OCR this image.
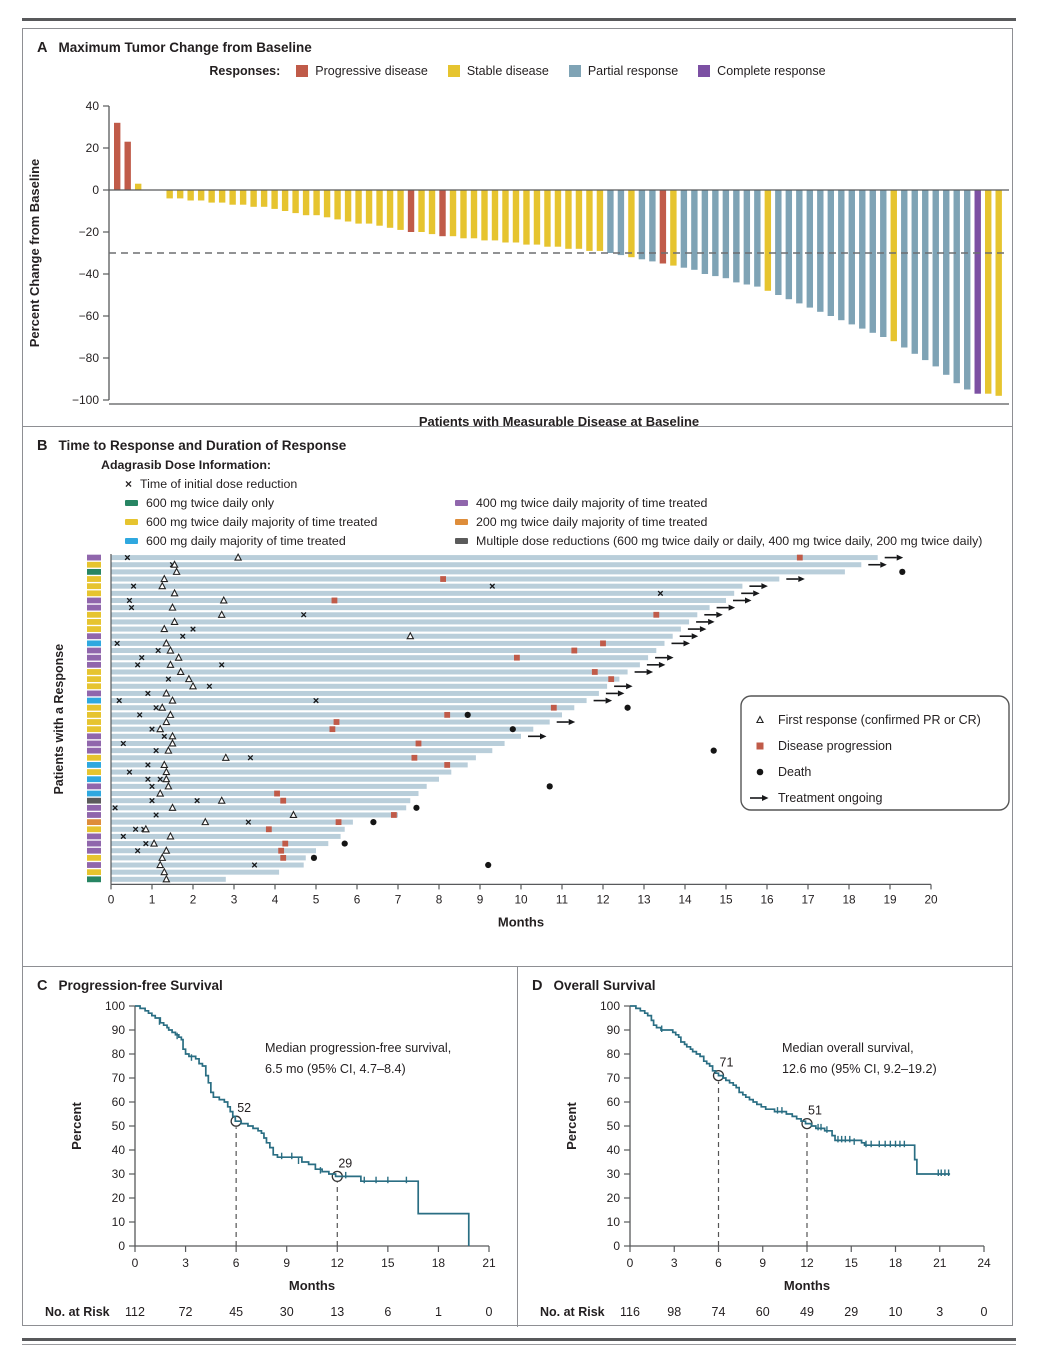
A Maximum Tumor Change from Baseline
Responses:	Progressive disease	Stable disease	Partial response	Complete response
40
20
0
−20
−40
−60
−80
−100
Percent Change from Baseline
Patients with Measurable Disease at Baseline
B Time to Response and Duration of Response
Adagrasib Dose Information:
× Time of initial dose reduction
600 mg twice daily only	400 mg twice daily majority of time treated
600 mg twice daily majority of time treated	200 mg twice daily majority of time treated
600 mg daily majority of time treated	Multiple dose reductions (600 mg twice daily or daily, 400 mg twice daily, 200 mg twice daily)
0	1	2	3	4	5	6	7	8	9	10 11 12 13 14 15 16 17 18 19 20
Months
Patients with a Response	First response (confirmed PR or CR)
Disease progression
Death
Treatment ongoing
C Progression-free Survival
0
10
20
30
40
50
60
70
80
90
100
0	3	6	9	12	15	18	21
Months
Percent	52
29
Median progression-free survival,
6.5 mo (95% CI, 4.7–8.4)
No. at Risk 112	72	45	30	13	6	1	0
D Overall Survival
0
10
20
30
40
50
60
70
80
90
100
0	3	6	9	12	15	18	21	24
Months
Percent
71
51
Median overall survival,
12.6 mo (95% CI, 9.2–19.2)
No. at Risk 116 98 74 60 49 29 10	3	0
